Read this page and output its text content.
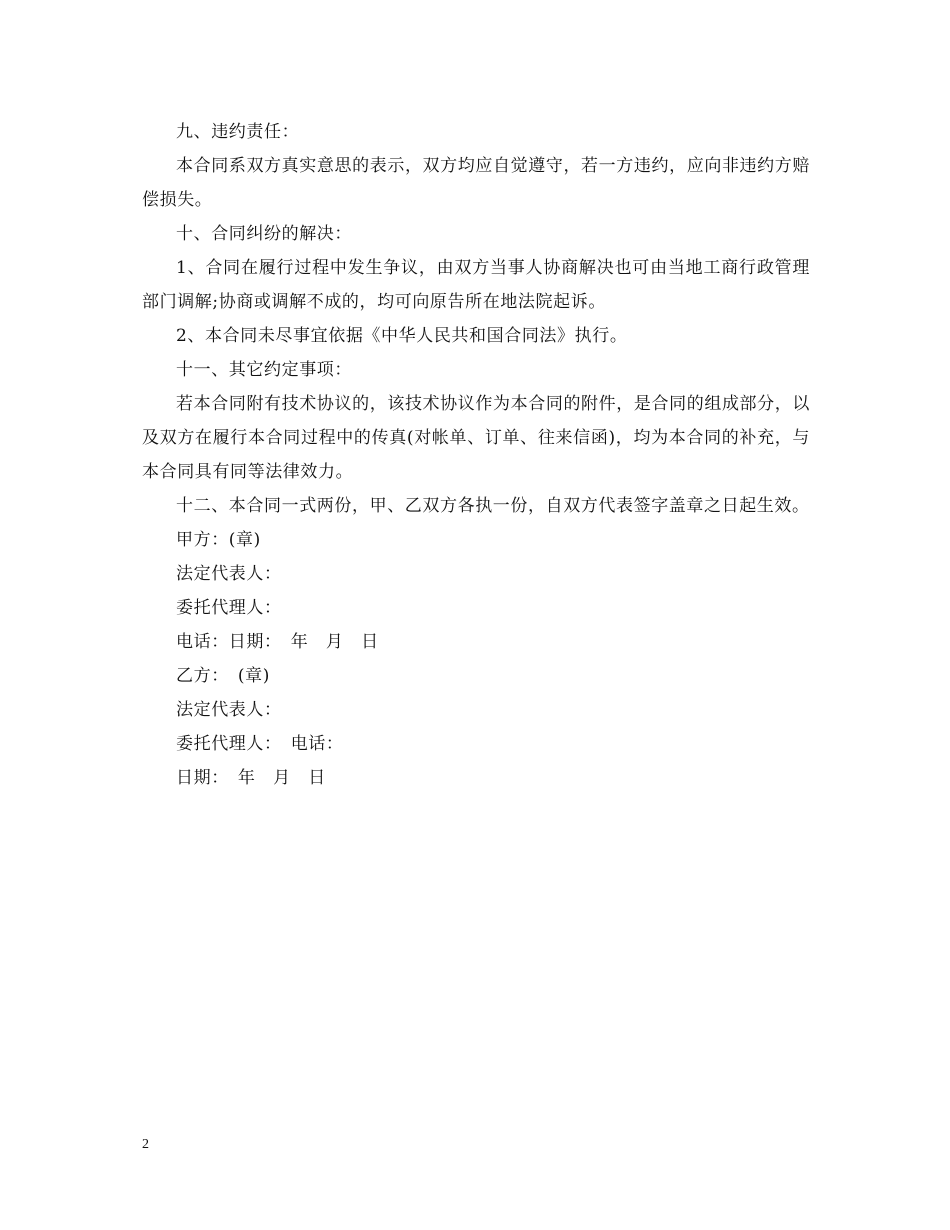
九、违约责任：

本合同系双方真实意思的表示，双方均应自觉遵守，若一方违约，应向非违约方赔偿损失。

十、合同纠纷的解决：

1、合同在履行过程中发生争议，由双方当事人协商解决也可由当地工商行政管理部门调解;协商或调解不成的，均可向原告所在地法院起诉。

2、本合同未尽事宜依据《中华人民共和国合同法》执行。

十一、其它约定事项：

若本合同附有技术协议的，该技术协议作为本合同的附件，是合同的组成部分，以及双方在履行本合同过程中的传真(对帐单、订单、往来信函)，均为本合同的补充，与本合同具有同等法律效力。

十二、本合同一式两份，甲、乙双方各执一份，自双方代表签字盖章之日起生效。

甲方：(章)

法定代表人：

委托代理人：

电话：日期：　年　月　日

乙方：　(章)

法定代表人：

委托代理人：　电话：

日期：　年　月　日

2
